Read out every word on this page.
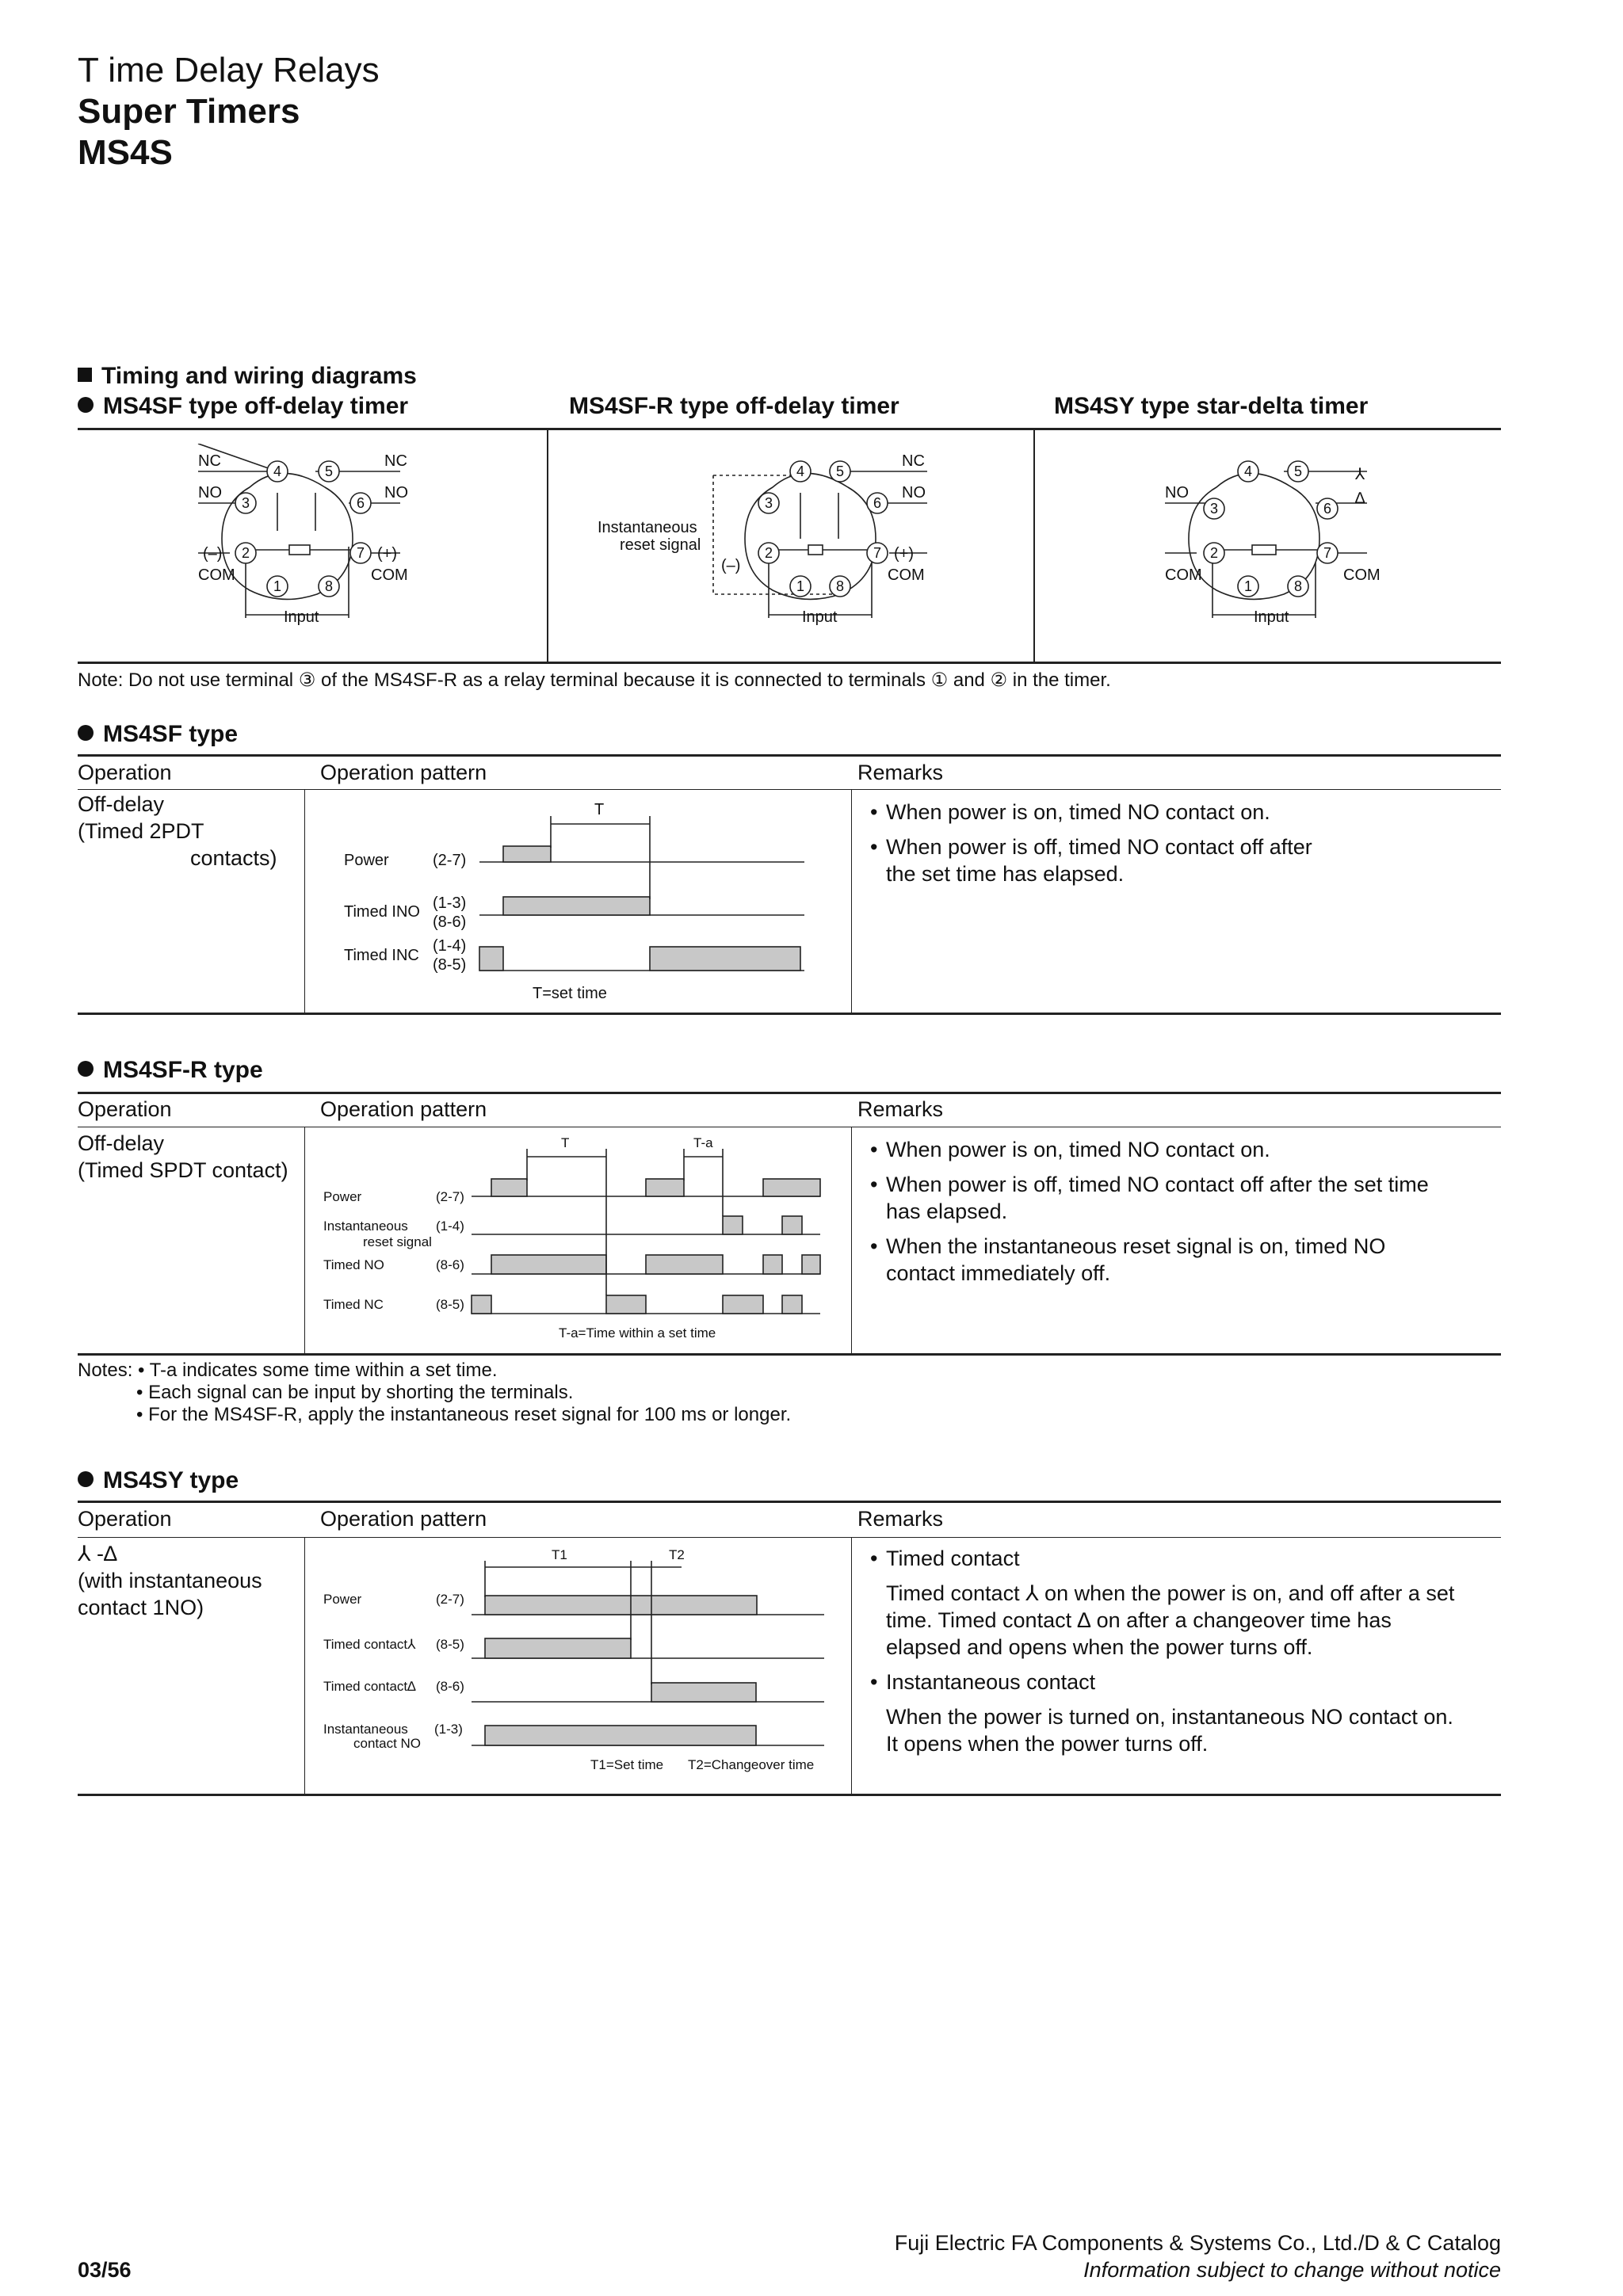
T ime Delay Relays
Super Timers
MS4S
Timing and wiring diagrams
MS4SF type off-delay timer	MS4SF-R type off-delay timer	MS4SY type star-delta timer
4	5
3	6
2	7
1	8
NC	NC
NO	NO
(–)	(+)
COM	COM
Input
4 5
3	6
2	7
1 8
NC
NO
(+)
COM
(–)
Instantaneous
reset signal
Input
4	5
3	6
2	7
1	8
⅄
∆
NO
COM	COM
Input
Note: Do not use terminal ③ of the MS4SF-R as a relay terminal because it is connected to terminals ① and ② in the timer.
MS4SF type
Operation	Operation pattern	Remarks
Off-delay
(Timed 2PDT
contacts)
T
Power	(2-7)
Timed INO (1-3)
(8-6)
Timed INC
(1-4)
(8-5)
T=set time
• When power is on, timed NO contact on.
• When power is off, timed NO contact off after
the set time has elapsed.
MS4SF-R type
Operation	Operation pattern	Remarks
Off-delay
(Timed SPDT contact)
T	T-a
Power	(2-7)
Instantaneous
reset signal
(1-4)
Timed NO	(8-6)
Timed NC	(8-5)
T-a=Time within a set time
• When power is on, timed NO contact on.
• When power is off, timed NO contact off after the set time
has elapsed.
• When the instantaneous reset signal is on, timed NO
contact immediately off.
Notes: • T-a indicates some time within a set time.
• Each signal can be input by shorting the terminals.
• For the MS4SF-R, apply the instantaneous reset signal for 100 ms or longer.
MS4SY type
Operation	Operation pattern	Remarks
⅄ -∆
(with instantaneous
contact 1NO)
T1	T2
Power	(2-7)
Timed contact⅄ (8-5)
Timed contact∆ (8-6)
Instantaneous
contact NO
(1-3)
T1=Set time T2=Changeover time
• Timed contact
Timed contact ⅄ on when the power is on, and off after a set
time. Timed contact ∆ on after a changeover time has
elapsed and opens when the power turns off.
• Instantaneous contact
When the power is turned on, instantaneous NO contact on.
It opens when the power turns off.
03/56
Fuji Electric FA Components & Systems Co., Ltd./D & C Catalog
Information subject to change without notice
